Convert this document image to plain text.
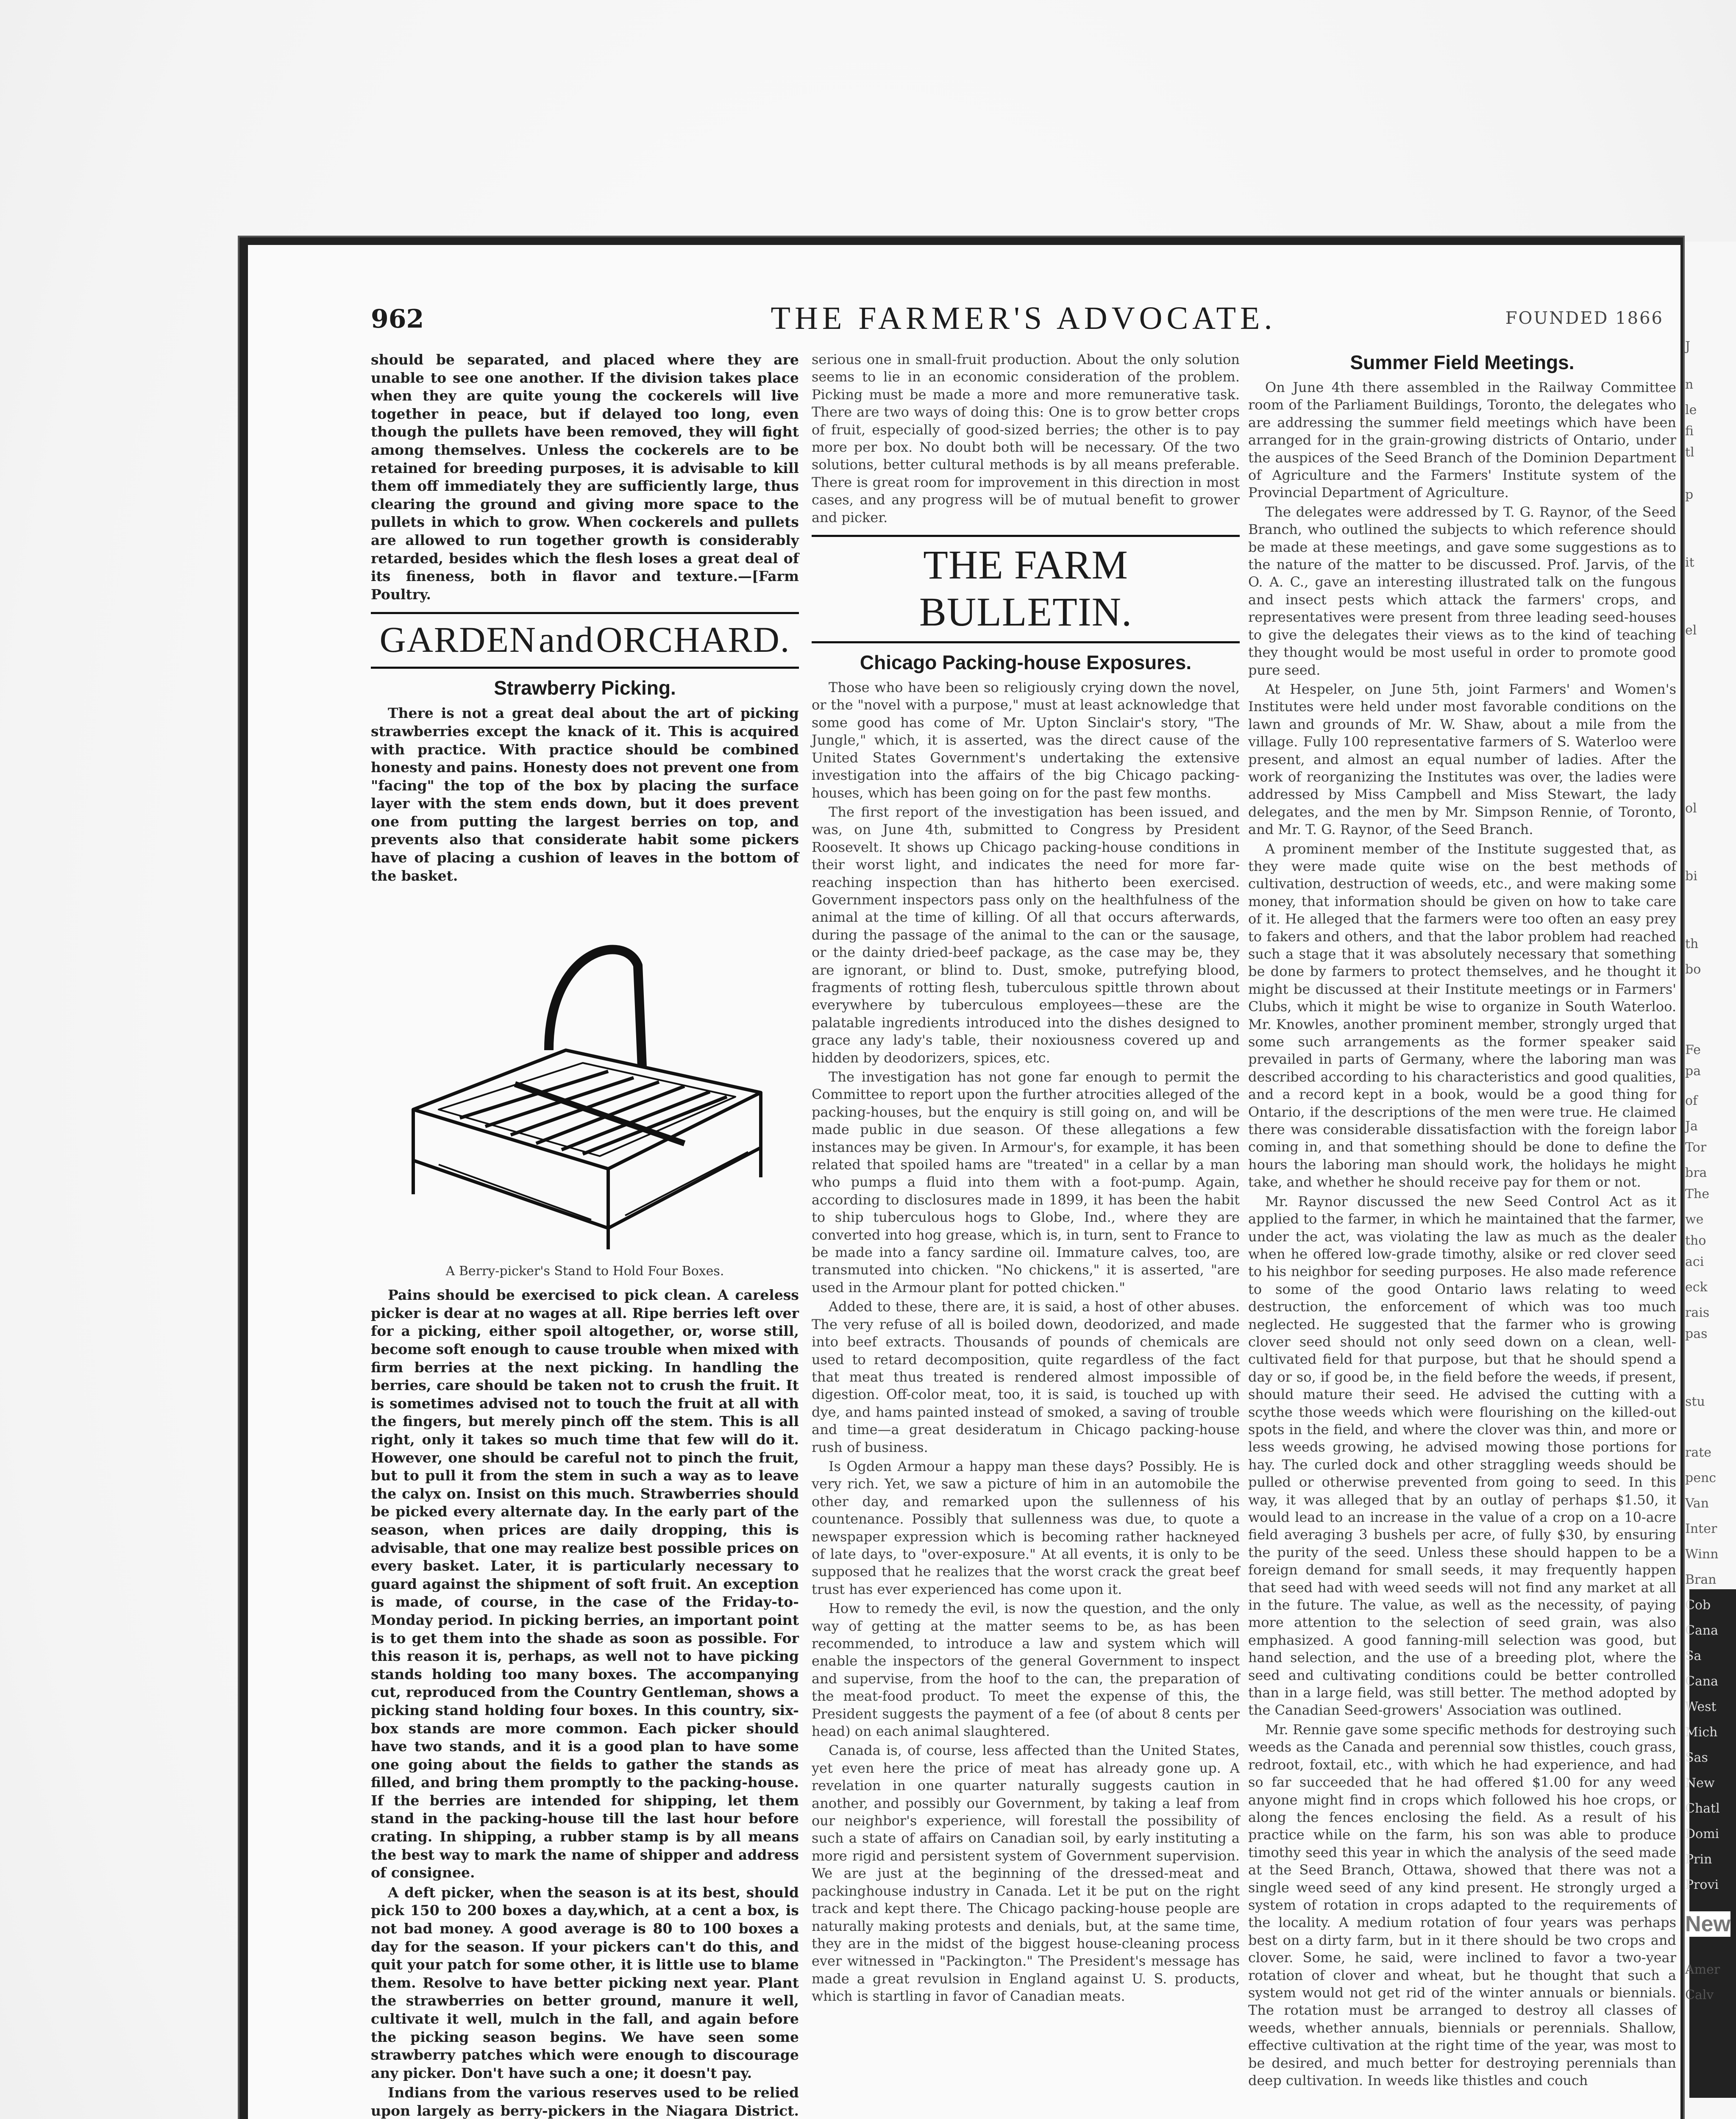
J
n
le
fi
tl
p
it
el
ol
bi
th
bo
Fe
pa
of
Ja
Tor
bra
The
we
tho
aci
eck
rais
pas
stu
rate
penc
Van
Inter
Winn
Bran
Cob
Cana
Sa
Cana
West
Mich
Sas
New
Chatl
Domi
Prin
Provi
Amer
Calv
New
THE FARMER'S ADVOCATE.
962	FOUNDED 1866

should be separated, and placed where they are unable to see one another. If the division takes place when they are quite young the cockerels will live together in peace, but if delayed too long, even though the pullets have been removed, they will fight among themselves. Unless the cockerels are to be retained for breeding purposes, it is advisable to kill them off immediately they are sufficiently large, thus clearing the ground and giving more space to the pullets in which to grow. When cockerels and pullets are allowed to run together growth is considerably retarded, besides which the flesh loses a great deal of its fineness, both in flavor and texture.—[Farm Poultry.

GARDEN and ORCHARD.
Strawberry Picking.

There is not a great deal about the art of picking strawberries except the knack of it. This is acquired with practice. With practice should be combined honesty and pains. Honesty does not prevent one from "facing" the top of the box by placing the surface layer with the stem ends down, but it does prevent one from putting the largest berries on top, and prevents also that considerate habit some pickers have of placing a cushion of leaves in the bottom of the basket.

A Berry-picker's Stand to Hold Four Boxes.

Pains should be exercised to pick clean. A careless picker is dear at no wages at all. Ripe berries left over for a picking, either spoil altogether, or, worse still, become soft enough to cause trouble when mixed with firm berries at the next picking. In handling the berries, care should be taken not to crush the fruit. It is sometimes advised not to touch the fruit at all with the fingers, but merely pinch off the stem. This is all right, only it takes so much time that few will do it. However, one should be careful not to pinch the fruit, but to pull it from the stem in such a way as to leave the calyx on. Insist on this much. Strawberries should be picked every alternate day. In the early part of the season, when prices are daily dropping, this is advisable, that one may realize best possible prices on every basket. Later, it is particularly necessary to guard against the shipment of soft fruit. An exception is made, of course, in the case of the Friday-to-Monday period. In picking berries, an important point is to get them into the shade as soon as possible. For this reason it is, perhaps, as well not to have picking stands holding too many boxes. The accompanying cut, reproduced from the Country Gentleman, shows a picking stand holding four boxes. In this country, six-box stands are more common. Each picker should have two stands, and it is a good plan to have some one going about the fields to gather the stands as filled, and bring them promptly to the packing-house. If the berries are intended for shipping, let them stand in the packing-house till the last hour before crating. In shipping, a rubber stamp is by all means the best way to mark the name of shipper and address of consignee.

A deft picker, when the season is at its best, should pick 150 to 200 boxes a day,which, at a cent a box, is not bad money. A good average is 80 to 100 boxes a day for the season. If your pickers can't do this, and quit your patch for some other, it is little use to blame them. Resolve to have better picking next year. Plant the strawberries on better ground, manure it well, cultivate it well, mulch in the fall, and again before the picking season begins. We have seen some strawberry patches which were enough to discourage any picker. Don't have such a one; it doesn't pay.

Indians from the various reserves used to be relied upon largely as berry-pickers in the Niagara District.

serious one in small-fruit production. About the only solution seems to lie in an economic consideration of the problem. Picking must be made a more and more remunerative task. There are two ways of doing this: One is to grow better crops of fruit, especially of good-sized berries; the other is to pay more per box. No doubt both will be necessary. Of the two solutions, better cultural methods is by all means preferable. There is great room for improvement in this direction in most cases, and any progress will be of mutual benefit to grower and picker.

THE FARM BULLETIN.
Chicago Packing-house Exposures.

Those who have been so religiously crying down the novel, or the "novel with a purpose," must at least acknowledge that some good has come of Mr. Upton Sinclair's story, "The Jungle," which, it is asserted, was the direct cause of the United States Government's undertaking the extensive investigation into the affairs of the big Chicago packing-houses, which has been going on for the past few months.

The first report of the investigation has been issued, and was, on June 4th, submitted to Congress by President Roosevelt. It shows up Chicago packing-house conditions in their worst light, and indicates the need for more far-reaching inspection than has hitherto been exercised. Government inspectors pass only on the healthfulness of the animal at the time of killing. Of all that occurs afterwards, during the passage of the animal to the can or the sausage, or the dainty dried-beef package, as the case may be, they are ignorant, or blind to. Dust, smoke, putrefying blood, fragments of rotting flesh, tuberculous spittle thrown about everywhere by tuberculous employees—these are the palatable ingredients introduced into the dishes designed to grace any lady's table, their noxiousness covered up and hidden by deodorizers, spices, etc.

The investigation has not gone far enough to permit the Committee to report upon the further atrocities alleged of the packing-houses, but the enquiry is still going on, and will be made public in due season. Of these allegations a few instances may be given. In Armour's, for example, it has been related that spoiled hams are "treated" in a cellar by a man who pumps a fluid into them with a foot-pump. Again, according to disclosures made in 1899, it has been the habit to ship tuberculous hogs to Globe, Ind., where they are converted into hog grease, which is, in turn, sent to France to be made into a fancy sardine oil. Immature calves, too, are transmuted into chicken. "No chickens," it is asserted, "are used in the Armour plant for potted chicken."

Added to these, there are, it is said, a host of other abuses. The very refuse of all is boiled down, deodorized, and made into beef extracts. Thousands of pounds of chemicals are used to retard decomposition, quite regardless of the fact that meat thus treated is rendered almost impossible of digestion. Off-color meat, too, it is said, is touched up with dye, and hams painted instead of smoked, a saving of trouble and time—a great desideratum in Chicago packing-house rush of business.

Is Ogden Armour a happy man these days? Possibly. He is very rich. Yet, we saw a picture of him in an automobile the other day, and remarked upon the sullenness of his countenance. Possibly that sullenness was due, to quote a newspaper expression which is becoming rather hackneyed of late days, to "over-exposure." At all events, it is only to be supposed that he realizes that the worst crack the great beef trust has ever experienced has come upon it.

How to remedy the evil, is now the question, and the only way of getting at the matter seems to be, as has been recommended, to introduce a law and system which will enable the inspectors of the general Government to inspect and supervise, from the hoof to the can, the preparation of the meat-food product. To meet the expense of this, the President suggests the payment of a fee (of about 8 cents per head) on each animal slaughtered.

Canada is, of course, less affected than the United States, yet even here the price of meat has already gone up. A revelation in one quarter naturally suggests caution in another, and possibly our Government, by taking a leaf from our neighbor's experience, will forestall the possibility of such a state of affairs on Canadian soil, by early instituting a more rigid and persistent system of Government supervision. We are just at the beginning of the dressed-meat and packinghouse industry in Canada. Let it be put on the right track and kept there. The Chicago packing-house people are naturally making protests and denials, but, at the same time, they are in the midst of the biggest house-cleaning process ever witnessed in "Packington." The President's message has made a great revulsion in England against U. S. products, which is startling in favor of Canadian meats.

Summer Field Meetings.

On June 4th there assembled in the Railway Committee room of the Parliament Buildings, Toronto, the delegates who are addressing the summer field meetings which have been arranged for in the grain-growing districts of Ontario, under the auspices of the Seed Branch of the Dominion Department of Agriculture and the Farmers' Institute system of the Provincial Department of Agriculture.

The delegates were addressed by T. G. Raynor, of the Seed Branch, who outlined the subjects to which reference should be made at these meetings, and gave some suggestions as to the nature of the matter to be discussed. Prof. Jarvis, of the O. A. C., gave an interesting illustrated talk on the fungous and insect pests which attack the farmers' crops, and representatives were present from three leading seed-houses to give the delegates their views as to the kind of teaching they thought would be most useful in order to promote good pure seed.

At Hespeler, on June 5th, joint Farmers' and Women's Institutes were held under most favorable conditions on the lawn and grounds of Mr. W. Shaw, about a mile from the village. Fully 100 representative farmers of S. Waterloo were present, and almost an equal number of ladies. After the work of reorganizing the Institutes was over, the ladies were addressed by Miss Campbell and Miss Stewart, the lady delegates, and the men by Mr. Simpson Rennie, of Toronto, and Mr. T. G. Raynor, of the Seed Branch.

A prominent member of the Institute suggested that, as they were made quite wise on the best methods of cultivation, destruction of weeds, etc., and were making some money, that information should be given on how to take care of it. He alleged that the farmers were too often an easy prey to fakers and others, and that the labor problem had reached such a stage that it was absolutely necessary that something be done by farmers to protect themselves, and he thought it might be discussed at their Institute meetings or in Farmers' Clubs, which it might be wise to organize in South Waterloo. Mr. Knowles, another prominent member, strongly urged that some such arrangements as the former speaker said prevailed in parts of Germany, where the laboring man was described according to his characteristics and good qualities, and a record kept in a book, would be a good thing for Ontario, if the descriptions of the men were true. He claimed there was considerable dissatisfaction with the foreign labor coming in, and that something should be done to define the hours the laboring man should work, the holidays he might take, and whether he should receive pay for them or not.

Mr. Raynor discussed the new Seed Control Act as it applied to the farmer, in which he maintained that the farmer, under the act, was violating the law as much as the dealer when he offered low-grade timothy, alsike or red clover seed to his neighbor for seeding purposes. He also made reference to some of the good Ontario laws relating to weed destruction, the enforcement of which was too much neglected. He suggested that the farmer who is growing clover seed should not only seed down on a clean, well-cultivated field for that purpose, but that he should spend a day or so, if good be, in the field before the weeds, if present, should mature their seed. He advised the cutting with a scythe those weeds which were flourishing on the killed-out spots in the field, and where the clover was thin, and more or less weeds growing, he advised mowing those portions for hay. The curled dock and other straggling weeds should be pulled or otherwise prevented from going to seed. In this way, it was alleged that by an outlay of perhaps $1.50, it would lead to an increase in the value of a crop on a 10-acre field averaging 3 bushels per acre, of fully $30, by ensuring the purity of the seed. Unless these should happen to be a foreign demand for small seeds, it may frequently happen that seed had with weed seeds will not find any market at all in the future. The value, as well as the necessity, of paying more attention to the selection of seed grain, was also emphasized. A good fanning-mill selection was good, but hand selection, and the use of a breeding plot, where the seed and cultivating conditions could be better controlled than in a large field, was still better. The method adopted by the Canadian Seed-growers' Association was outlined.

Mr. Rennie gave some specific methods for destroying such weeds as the Canada and perennial sow thistles, couch grass, redroot, foxtail, etc., with which he had experience, and had so far succeeded that he had offered $1.00 for any weed anyone might find in crops which followed his hoe crops, or along the fences enclosing the field. As a result of his practice while on the farm, his son was able to produce timothy seed this year in which the analysis of the seed made at the Seed Branch, Ottawa, showed that there was not a single weed seed of any kind present. He strongly urged a system of rotation in crops adapted to the requirements of the locality. A medium rotation of four years was perhaps best on a dirty farm, but in it there should be two crops and clover. Some, he said, were inclined to favor a two-year rotation of clover and wheat, but he thought that such a system would not get rid of the winter annuals or biennials. The rotation must be arranged to destroy all classes of weeds, whether annuals, biennials or perennials. Shallow, effective cultivation at the right time of the year, was most to be desired, and much better for destroying perennials than deep cultivation. In weeds like thistles and couch
